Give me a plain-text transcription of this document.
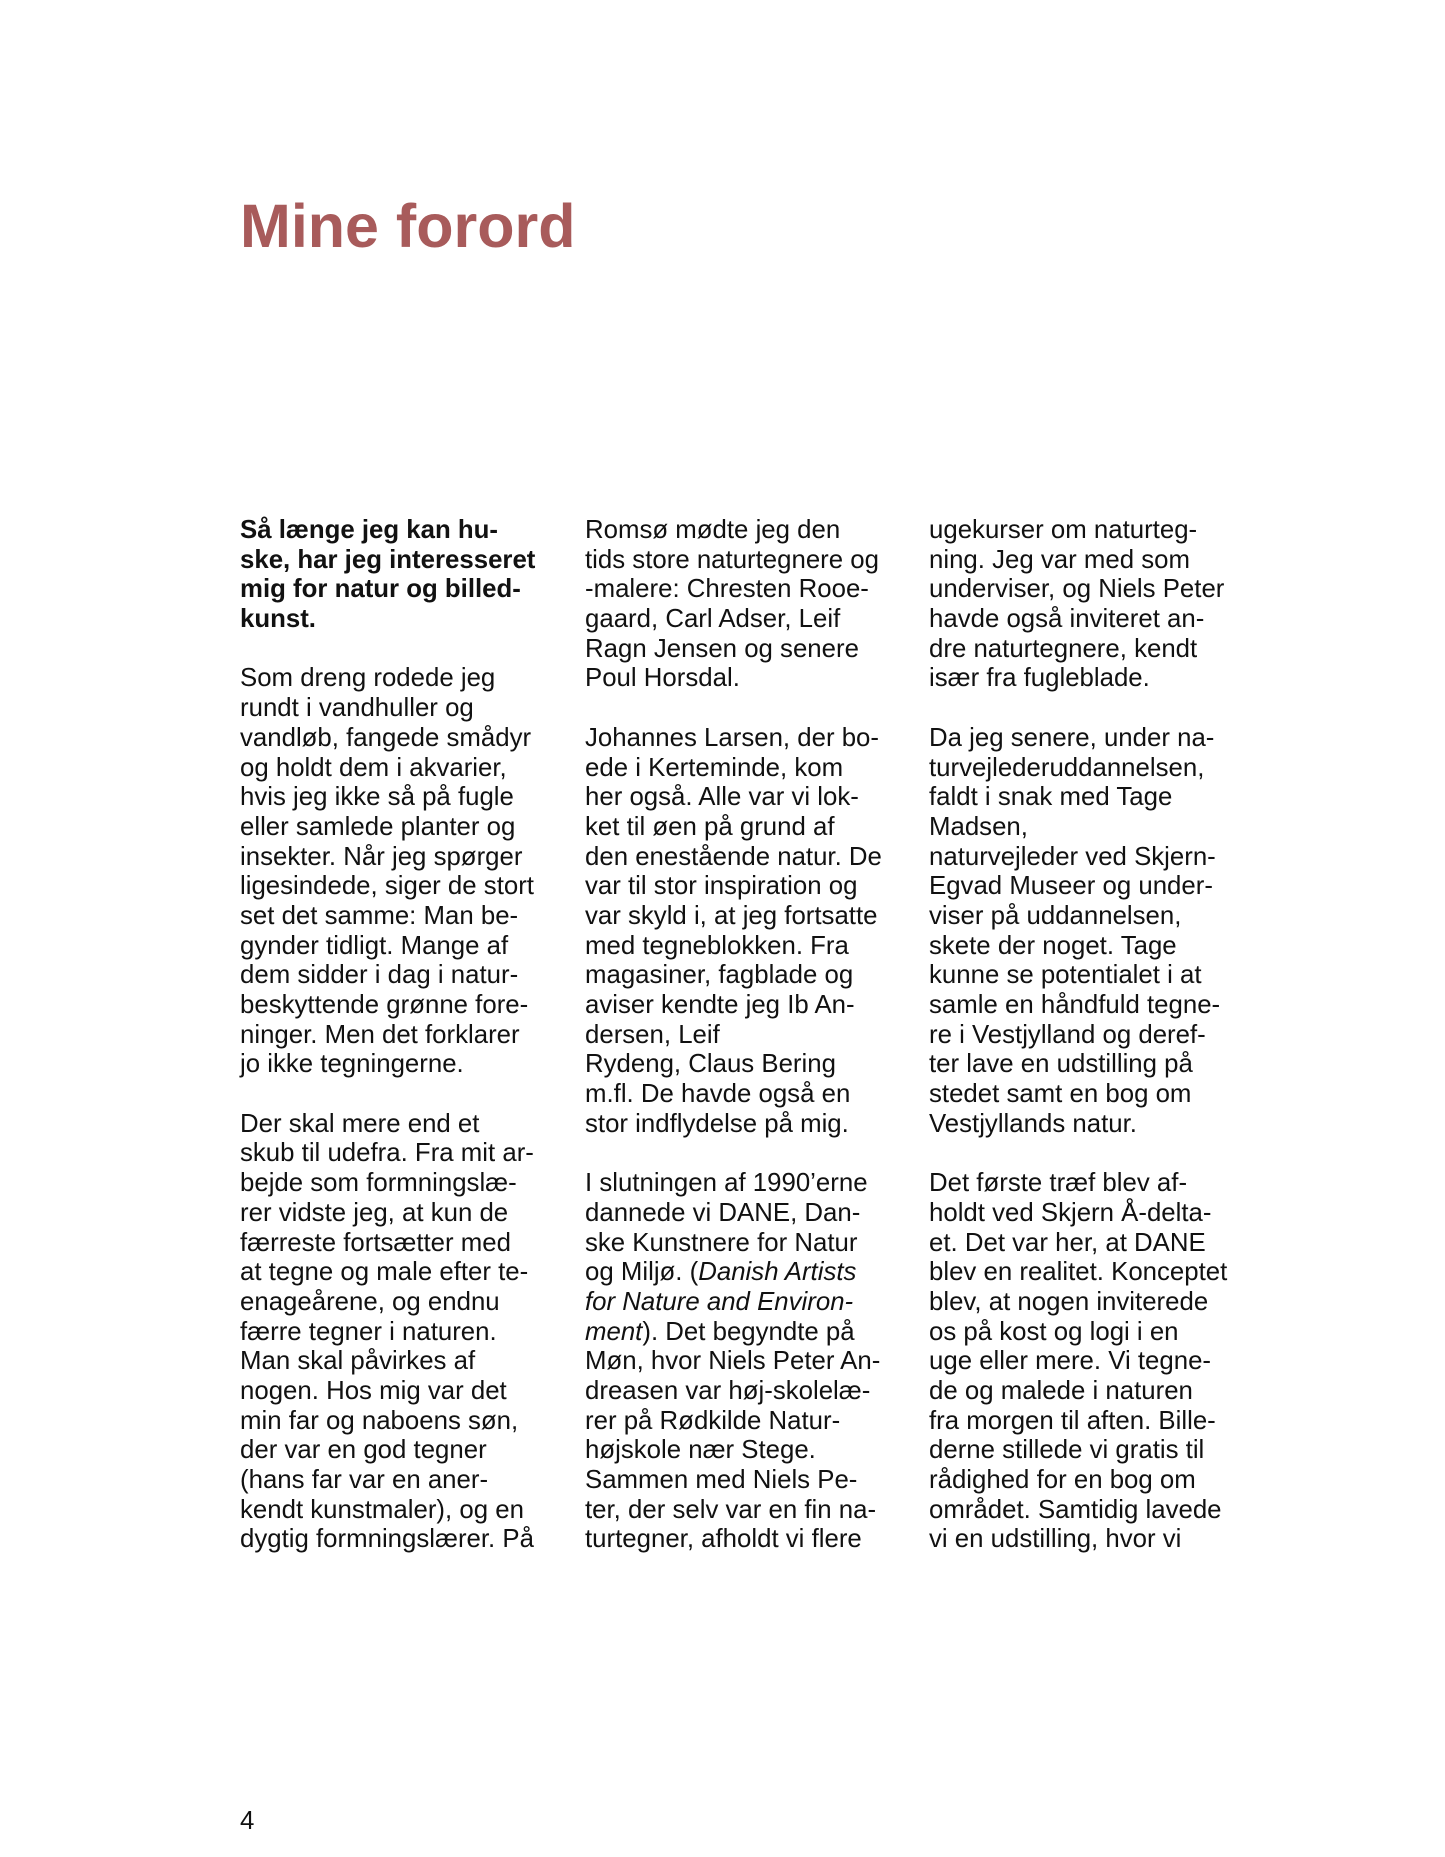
Mine forord

Så længe jeg kan hu-
ske, har jeg interesseret
mig for natur og billed-
kunst.

Som dreng rodede jeg
rundt i vandhuller og
vandløb, fangede smådyr
og holdt dem i akvarier,
hvis jeg ikke så på fugle
eller samlede planter og
insekter. Når jeg spørger
ligesindede, siger de stort
set det samme: Man be-
gynder tidligt. Mange af
dem sidder i dag i natur-
beskyttende grønne fore-
ninger. Men det forklarer
jo ikke tegningerne.

Der skal mere end et
skub til udefra. Fra mit ar-
bejde som formningslæ-
rer vidste jeg, at kun de
færreste fortsætter med
at tegne og male efter te-
enageårene, og endnu
færre tegner i naturen.
Man skal påvirkes af
nogen. Hos mig var det
min far og naboens søn,
der var en god tegner
(hans far var en aner-
kendt kunstmaler), og en
dygtig formningslærer. På

Romsø mødte jeg den
tids store naturtegnere og
-malere: Chresten Rooe-
gaard, Carl Adser, Leif
Ragn Jensen og senere
Poul Horsdal.

Johannes Larsen, der bo-
ede i Kerteminde, kom
her også. Alle var vi lok-
ket til øen på grund af
den enestående natur. De
var til stor inspiration og
var skyld i, at jeg fortsatte
med tegneblokken. Fra
magasiner, fagblade og
aviser kendte jeg Ib An-
dersen, Leif
Rydeng, Claus Bering
m.fl. De havde også en
stor indflydelse på mig.

I slutningen af 1990’erne
dannede vi DANE, Dan-
ske Kunstnere for Natur
og Miljø. (Danish Artists
for Nature and Environ-
ment). Det begyndte på
Møn, hvor Niels Peter An-
dreasen var høj-skolelæ-
rer på Rødkilde Natur-
højskole nær Stege.
Sammen med Niels Pe-
ter, der selv var en fin na-
turtegner, afholdt vi flere

ugekurser om naturteg-
ning. Jeg var med som
underviser, og Niels Peter
havde også inviteret an-
dre naturtegnere, kendt
især fra fugleblade.

Da jeg senere, under na-
turvejlederuddannelsen,
faldt i snak med Tage
Madsen,
naturvejleder ved Skjern-
Egvad Museer og under-
viser på uddannelsen,
skete der noget. Tage
kunne se potentialet i at
samle en håndfuld tegne-
re i Vestjylland og deref-
ter lave en udstilling på
stedet samt en bog om
Vestjyllands natur.

Det første træf blev af-
holdt ved Skjern Å-delta-
et. Det var her, at DANE
blev en realitet. Konceptet
blev, at nogen inviterede
os på kost og logi i en
uge eller mere. Vi tegne-
de og malede i naturen
fra morgen til aften. Bille-
derne stillede vi gratis til
rådighed for en bog om
området. Samtidig lavede
vi en udstilling, hvor vi

4
